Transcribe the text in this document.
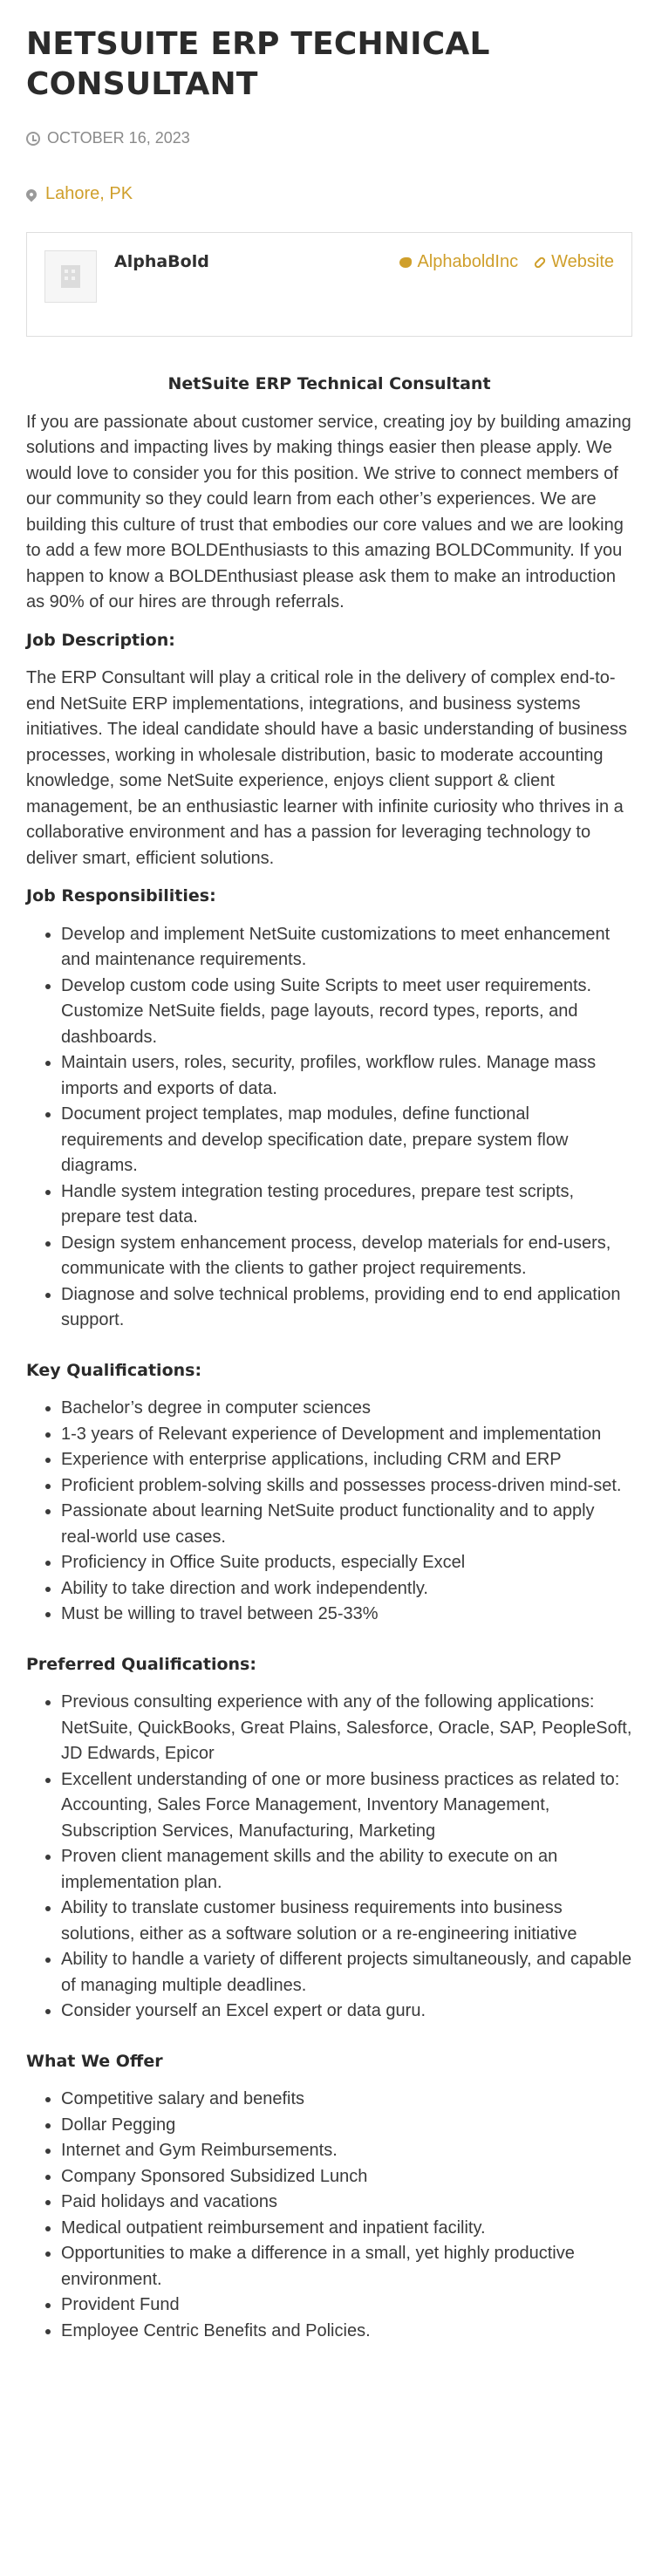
NETSUITE ERP TECHNICAL CONSULTANT
OCTOBER 16, 2023
Lahore, PK
AlphaBold	AlphaboldInc Website
NetSuite ERP Technical Consultant

If you are passionate about customer service, creating joy by building amazing solutions and impacting lives by making things easier then please apply. We would love to consider you for this position. We strive to connect members of our community so they could learn from each other’s experiences. We are building this culture of trust that embodies our core values and we are looking to add a few more BOLDEnthusiasts to this amazing BOLDCommunity. If you happen to know a BOLDEnthusiast please ask them to make an introduction as 90% of our hires are through referrals.

Job Description:

The ERP Consultant will play a critical role in the delivery of complex end-to-end NetSuite ERP implementations, integrations, and business systems initiatives. The ideal candidate should have a basic understanding of business processes, working in wholesale distribution, basic to moderate accounting knowledge, some NetSuite experience, enjoys client support & client management, be an enthusiastic learner with infinite curiosity who thrives in a collaborative environment and has a passion for leveraging technology to deliver smart, efficient solutions.

Job Responsibilities:
• Develop and implement NetSuite customizations to meet enhancement and maintenance requirements.
• Develop custom code using Suite Scripts to meet user requirements. Customize NetSuite fields, page layouts, record types, reports, and dashboards.
• Maintain users, roles, security, profiles, workflow rules. Manage mass imports and exports of data.
• Document project templates, map modules, define functional requirements and develop specification date, prepare system flow diagrams.
• Handle system integration testing procedures, prepare test scripts, prepare test data.
• Design system enhancement process, develop materials for end-users, communicate with the clients to gather project requirements.
• Diagnose and solve technical problems, providing end to end application support.
Key Qualifications:
• Bachelor’s degree in computer sciences
• 1-3 years of Relevant experience of Development and implementation
• Experience with enterprise applications, including CRM and ERP
• Proficient problem-solving skills and possesses process-driven mind-set.
• Passionate about learning NetSuite product functionality and to apply real-world use cases.
• Proficiency in Office Suite products, especially Excel
• Ability to take direction and work independently.
• Must be willing to travel between 25-33%
Preferred Qualifications:
• Previous consulting experience with any of the following applications: NetSuite, QuickBooks, Great Plains, Salesforce, Oracle, SAP, PeopleSoft, JD Edwards, Epicor
• Excellent understanding of one or more business practices as related to: Accounting, Sales Force Management, Inventory Management, Subscription Services, Manufacturing, Marketing
• Proven client management skills and the ability to execute on an implementation plan.
• Ability to translate customer business requirements into business solutions, either as a software solution or a re-engineering initiative
• Ability to handle a variety of different projects simultaneously, and capable of managing multiple deadlines.
• Consider yourself an Excel expert or data guru.
What We Offer
• Competitive salary and benefits
• Dollar Pegging
• Internet and Gym Reimbursements.
• Company Sponsored Subsidized Lunch
• Paid holidays and vacations
• Medical outpatient reimbursement and inpatient facility.
• Opportunities to make a difference in a small, yet highly productive environment.
• Provident Fund
• Employee Centric Benefits and Policies.
